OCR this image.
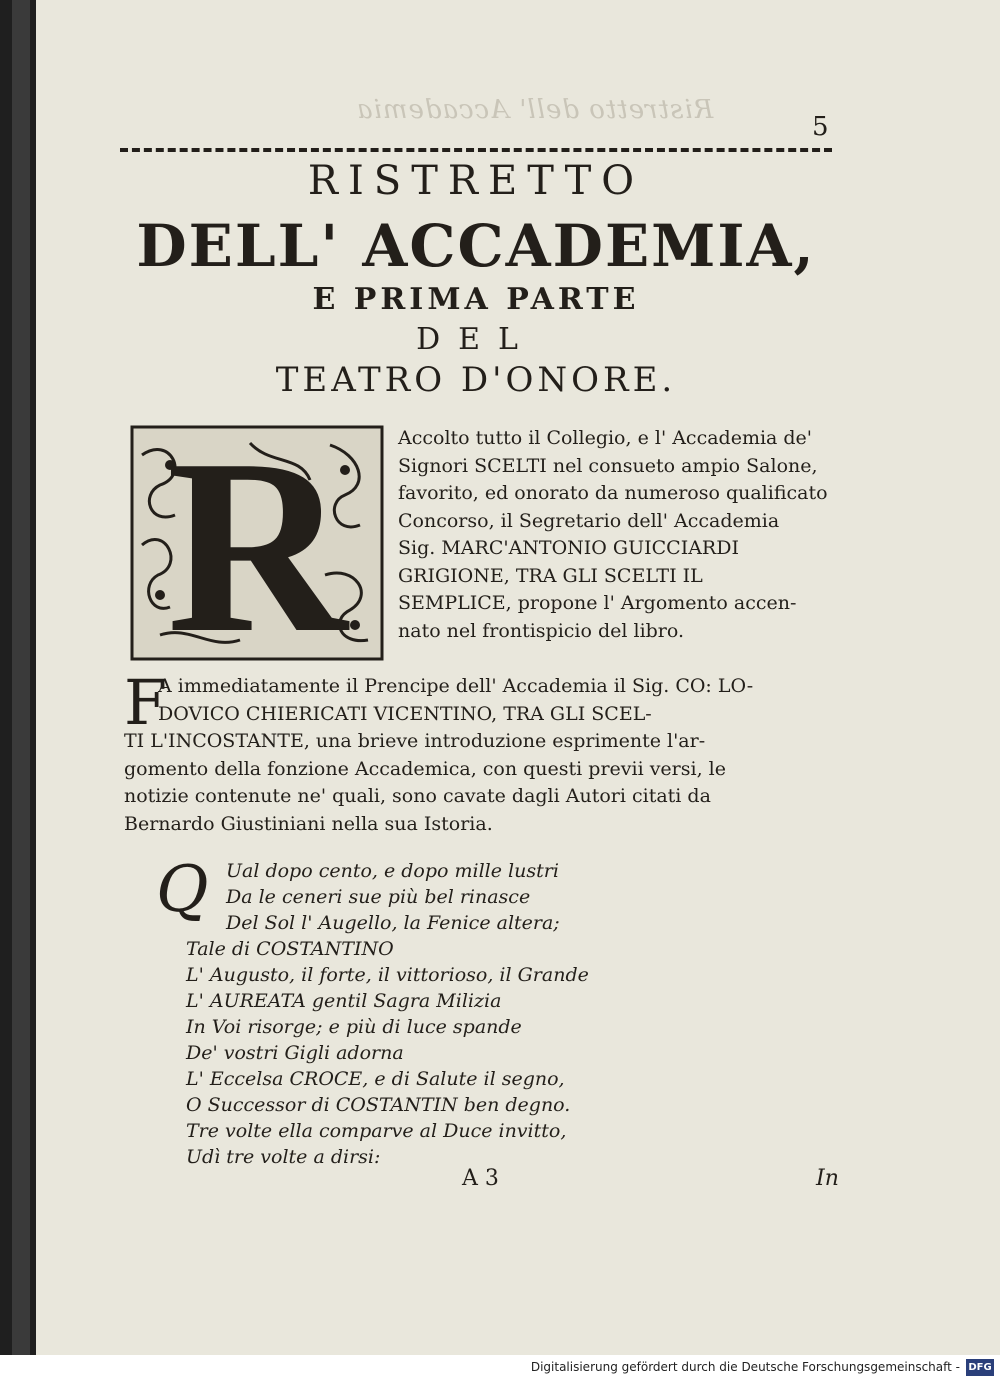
Ristretto dell' Accademia
5
RISTRETTO
DELL' ACCADEMIA,
E PRIMA PARTE
DEL
TEATRO D'ONORE.
R	Accolto tutto il Collegio, e l' Accademia de'
Signori SCELTI nel consueto ampio Salone,
favorito, ed onorato da numeroso qualificato
Concorso, il Segretario dell' Accademia
Sig. MARC'ANTONIO GUICCIARDI
GRIGIONE, TRA GLI SCELTI IL
SEMPLICE, propone l' Argomento accen-
nato nel frontispicio del libro.
F
A immediatamente il Prencipe dell' Accademia il Sig. CO: LO-
DOVICO CHIERICATI VICENTINO, TRA GLI SCEL-
TI L'INCOSTANTE, una brieve introduzione esprimente l'ar-
gomento della fonzione Accademica, con questi previi versi, le
notizie contenute ne' quali, sono cavate dagli Autori citati da
Bernardo Giustiniani nella sua Istoria.
Q Ual dopo cento, e dopo mille lustri
Da le ceneri sue più bel rinasce
Del Sol l' Augello, la Fenice altera;
Tale di COSTANTINO
L' Augusto, il forte, il vittorioso, il Grande
L' AUREATA gentil Sagra Milizia
In Voi risorge; e più di luce spande
De' vostri Gigli adorna
L' Eccelsa CROCE, e di Salute il segno,
O Successor di COSTANTIN ben degno.
Tre volte ella comparve al Duce invitto,
Udì tre volte a dirsi:
A 3	In
Digitalisierung gefördert durch die Deutsche Forschungsgemeinschaft - DFG
